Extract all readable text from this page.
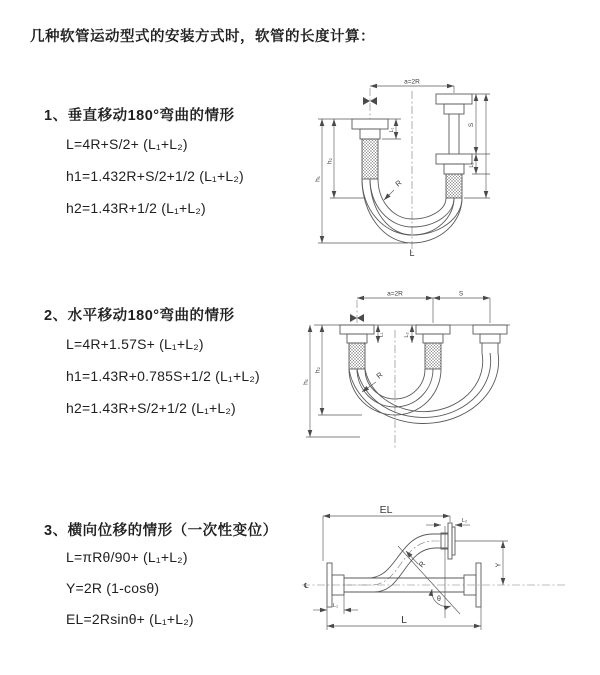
几种软管运动型式的安装方式时，软管的长度计算：
1、垂直移动180°弯曲的情形
L=4R+S/2+ (L₁+L₂)
h1=1.432R+S/2+1/2 (L₁+L₂)
h2=1.43R+1/2 (L₁+L₂)
2、水平移动180°弯曲的情形
L=4R+1.57S+ (L₁+L₂)
h1=1.43R+0.785S+1/2 (L₁+L₂)
h2=1.43R+S/2+1/2 (L₁+L₂)
3、横向位移的情形（一次性变位）
L=πRθ/90+ (L₁+L₂)
Y=2R (1-cosθ)
EL=2Rsinθ+ (L₁+L₂)
a=2R
h₁
h₂
L₁
S
L₂
R
L
a=2R	S
h₁
h₂
L₁	L₂
R
EL
L₂
Y
L₁
L
R
θ
℄
